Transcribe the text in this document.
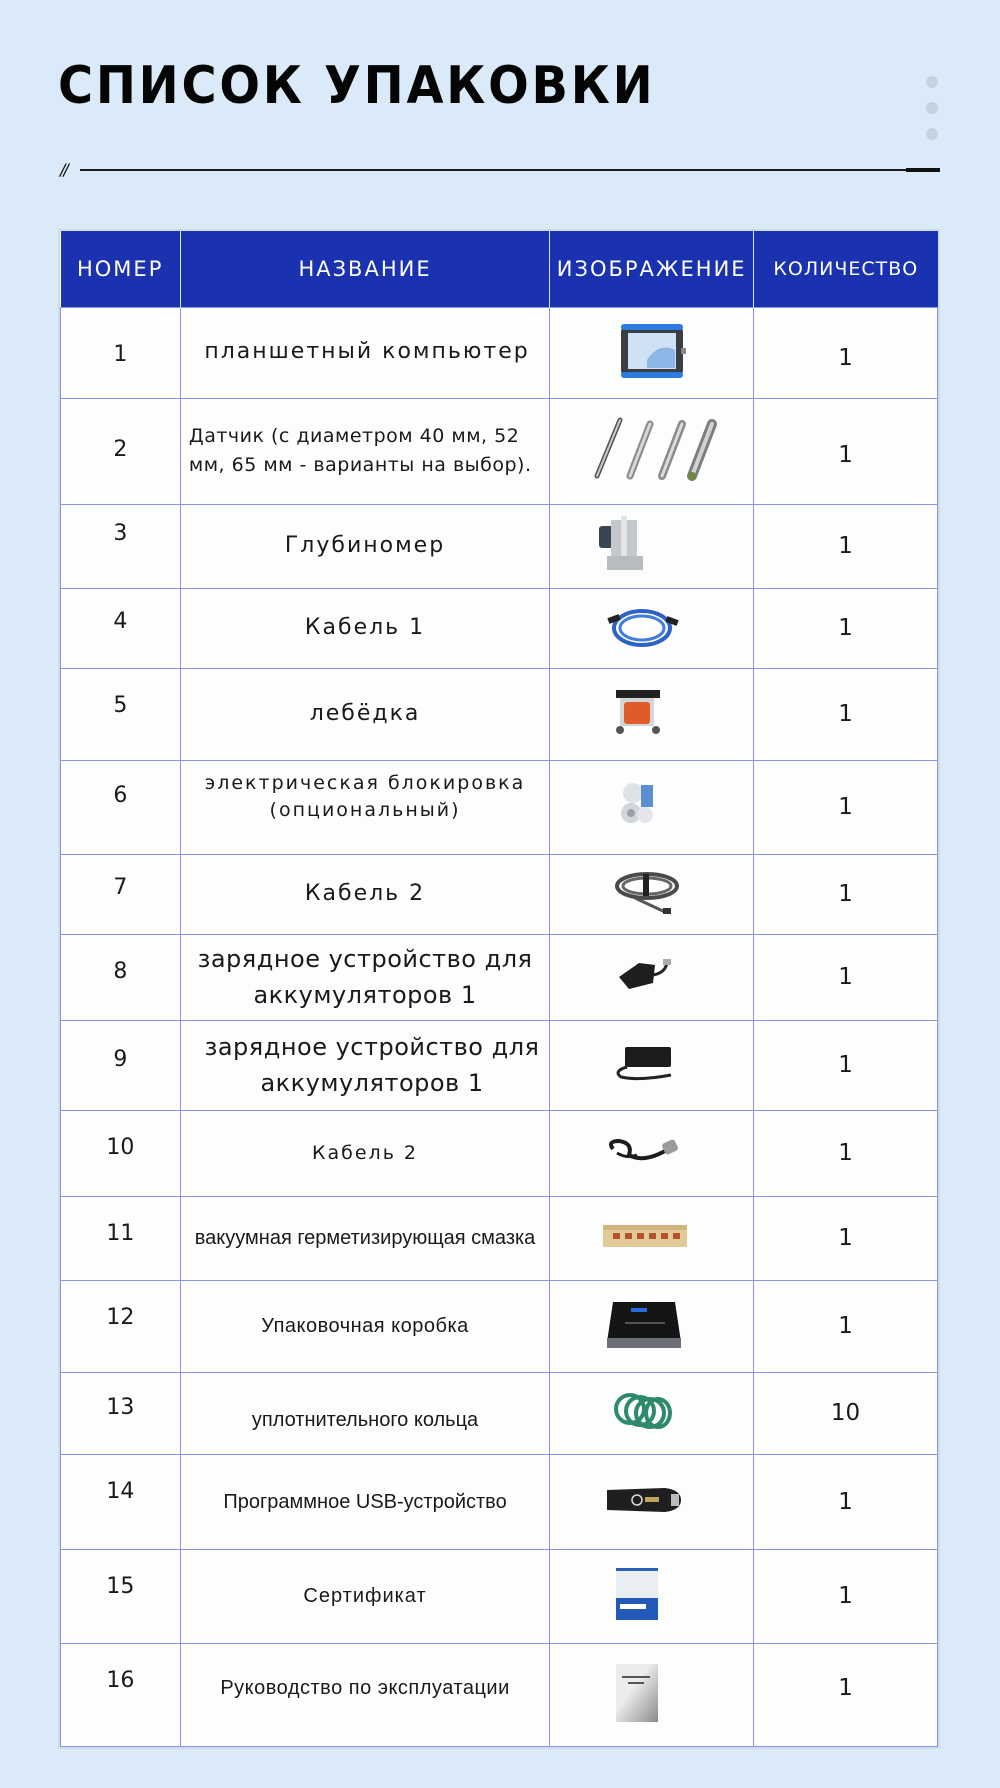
СПИСОК УПАКОВКИ
//
НОМЕР	НАЗВАНИЕ	ИЗОБРАЖЕНИЕ	КОЛИЧЕСТВО
1	планшетный компьютер		1
2	Датчик (с диаметром 40 мм, 52 мм, 65 мм - варианты на выбор).		1
3	Глубиномер		1
4	Кабель 1		1
5	лебёдка		1
6	электрическая блокировка (опциональный)		1
7	Кабель 2		1
8	зарядное устройство для аккумуляторов 1		1
9	зарядное устройство для аккумуляторов 1		1
10	Кабель 2		1
11	вакуумная герметизирующая смазка		1
12	Упаковочная коробка		1
13	уплотнительного кольца		10
14	Программное USB-устройство		1
15	Сертификат		1
16	Руководство по эксплуатации		1
